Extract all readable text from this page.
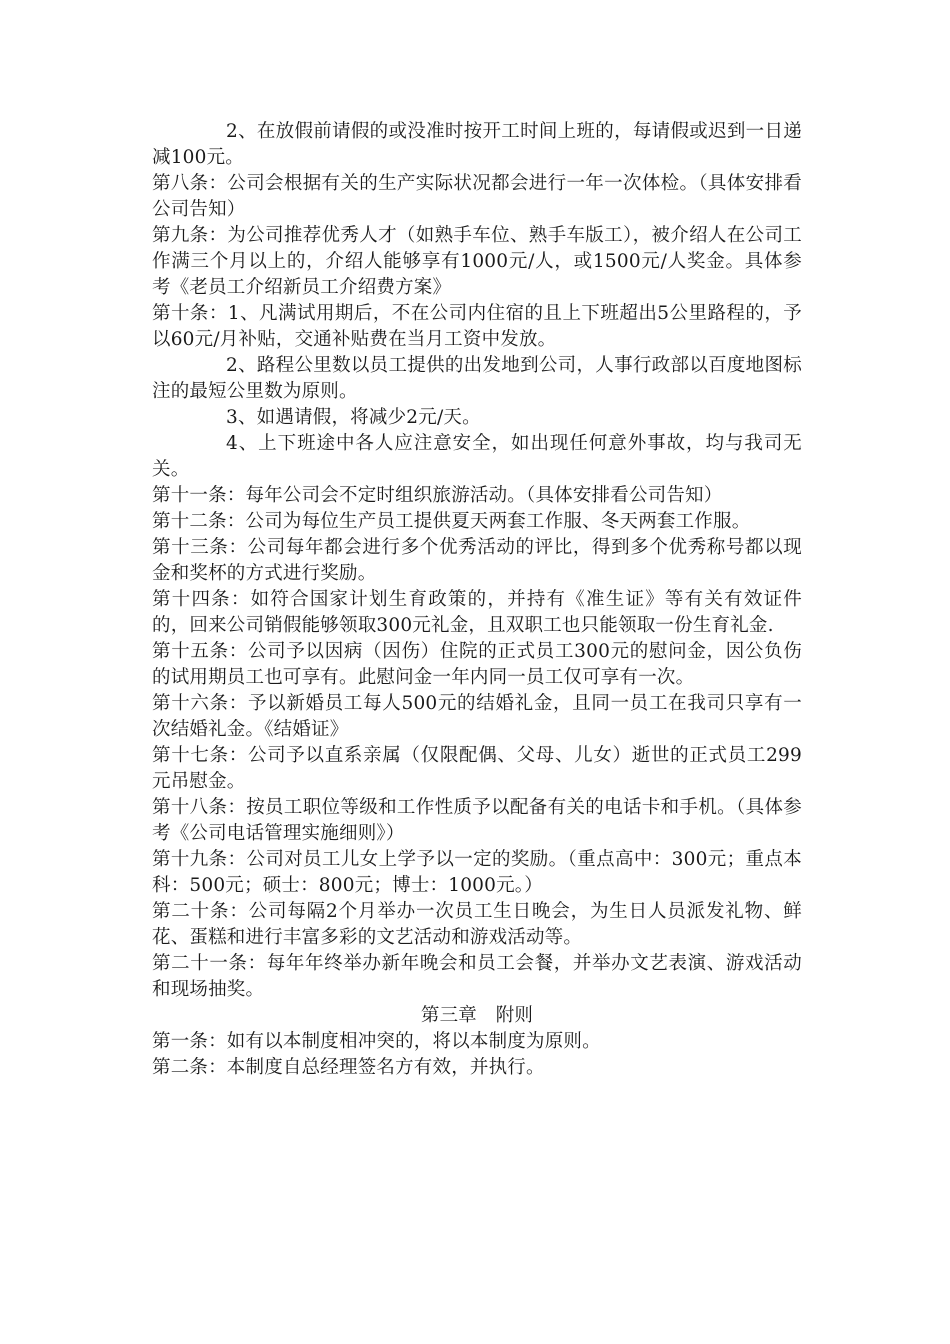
2、在放假前请假的或没准时按开工时间上班的，每请假或迟到一日递减100元。

第八条：公司会根据有关的生产实际状况都会进行一年一次体检。（具体安排看公司告知）

第九条：为公司推荐优秀人才（如熟手车位、熟手车版工），被介绍人在公司工作满三个月以上的，介绍人能够享有1000元/人，或1500元/人奖金。具体参考《老员工介绍新员工介绍费方案》

第十条：1、凡满试用期后，不在公司内住宿的且上下班超出5公里路程的，予以60元/月补贴，交通补贴费在当月工资中发放。

2、路程公里数以员工提供的出发地到公司，人事行政部以百度地图标注的最短公里数为原则。

3、如遇请假，将减少2元/天。

4、上下班途中各人应注意安全，如出现任何意外事故，均与我司无关。

第十一条：每年公司会不定时组织旅游活动。（具体安排看公司告知）

第十二条：公司为每位生产员工提供夏天两套工作服、冬天两套工作服。

第十三条：公司每年都会进行多个优秀活动的评比，得到多个优秀称号都以现金和奖杯的方式进行奖励。

第十四条：如符合国家计划生育政策的，并持有《准生证》等有关有效证件的，回来公司销假能够领取300元礼金，且双职工也只能领取一份生育礼金.

第十五条：公司予以因病（因伤）住院的正式员工300元的慰问金，因公负伤的试用期员工也可享有。此慰问金一年内同一员工仅可享有一次。

第十六条：予以新婚员工每人500元的结婚礼金，且同一员工在我司只享有一次结婚礼金。《结婚证》

第十七条：公司予以直系亲属（仅限配偶、父母、儿女）逝世的正式员工299元吊慰金。

第十八条：按员工职位等级和工作性质予以配备有关的电话卡和手机。（具体参考《公司电话管理实施细则》）

第十九条：公司对员工儿女上学予以一定的奖励。（重点高中：300元；重点本科：500元；硕士：800元；博士：1000元。）

第二十条：公司每隔2个月举办一次员工生日晚会，为生日人员派发礼物、鲜花、蛋糕和进行丰富多彩的文艺活动和游戏活动等。

第二十一条：每年年终举办新年晚会和员工会餐，并举办文艺表演、游戏活动和现场抽奖。

第三章　附则

第一条：如有以本制度相冲突的，将以本制度为原则。

第二条：本制度自总经理签名方有效，并执行。
